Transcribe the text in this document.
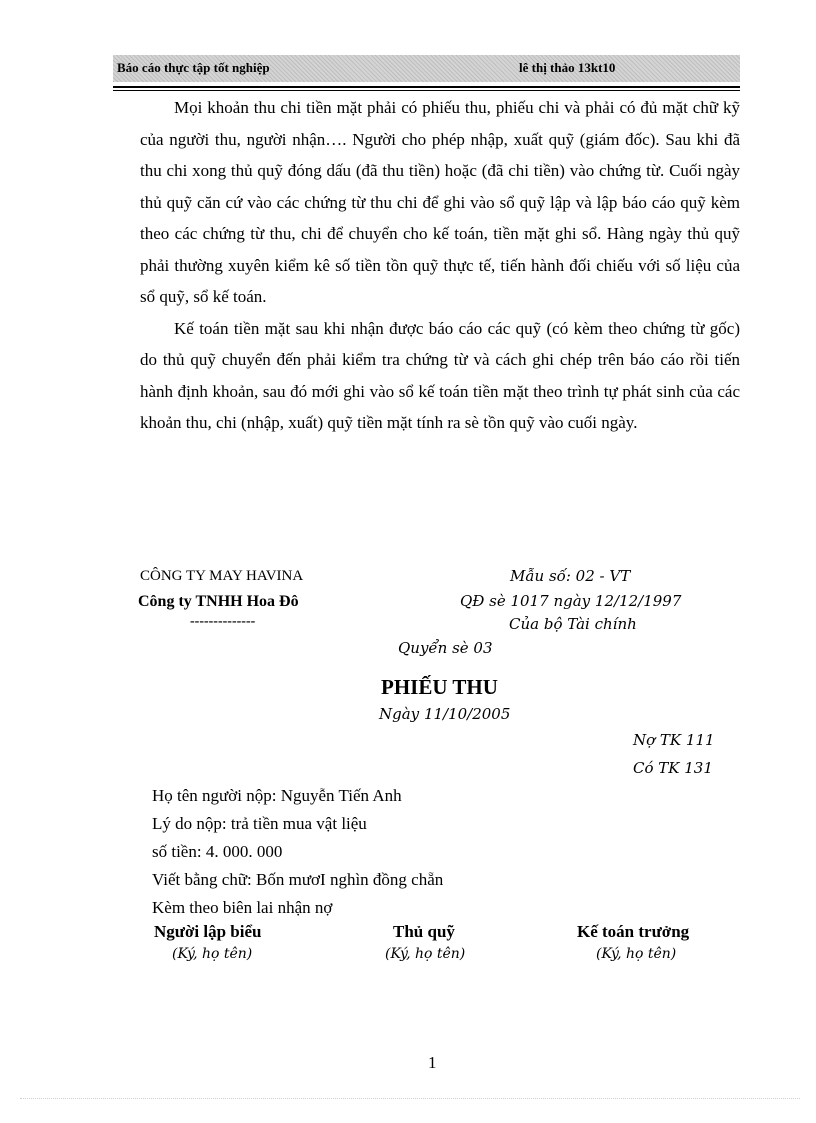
Báo cáo thực tập tốt nghiệp	lê thị thảo 13kt10

Mọi khoản thu chi tiền mặt phải có phiếu thu, phiếu chi và phải có đủ mặt chữ kỹ của người thu, người nhận…. Người cho phép nhập, xuất quỹ (giám đốc). Sau khi đã thu chi xong thủ quỹ đóng dấu (đã thu tiền) hoặc (đã chi tiền) vào chứng từ. Cuối ngày thủ quỹ căn cứ vào các chứng từ thu chi để ghi vào sổ quỹ lập và lập báo cáo quỹ kèm theo các chứng từ thu, chi để chuyển cho kế toán, tiền mặt ghi sổ. Hàng ngày thủ quỹ phải thường xuyên kiểm kê số tiền tồn quỹ thực tế, tiến hành đối chiếu với số liệu của sổ quỹ, sổ kế toán.

Kế toán tiền mặt sau khi nhận được báo cáo các quỹ (có kèm theo chứng từ gốc) do thủ quỹ chuyển đến phải kiểm tra chứng từ và cách ghi chép trên báo cáo rồi tiến hành định khoản, sau đó mới ghi vào sổ kế toán tiền mặt theo trình tự phát sinh của các khoản thu, chi (nhập, xuất) quỹ tiền mặt tính ra sè tồn quỹ vào cuối ngày.

CÔNG TY MAY HAVINA
Công ty TNHH Hoa Đô
--------------
Mẫu số: 02 - VT
QĐ sè 1017 ngày 12/12/1997
Của bộ Tài chính
Quyển sè 03
PHIẾU THU
Ngày 11/10/2005
Nợ TK 111
Có TK 131
Họ tên người nộp: Nguyễn Tiến Anh
Lý do nộp: trả tiền mua vật liệu
số tiền: 4. 000. 000
Viết bằng chữ: Bốn mươI nghìn đồng chẵn
Kèm theo biên lai nhận nợ
Người lập biểu
(Ký, họ tên)
Thủ quỹ
(Ký, họ tên)
Kế toán trưởng
(Ký, họ tên)
1
